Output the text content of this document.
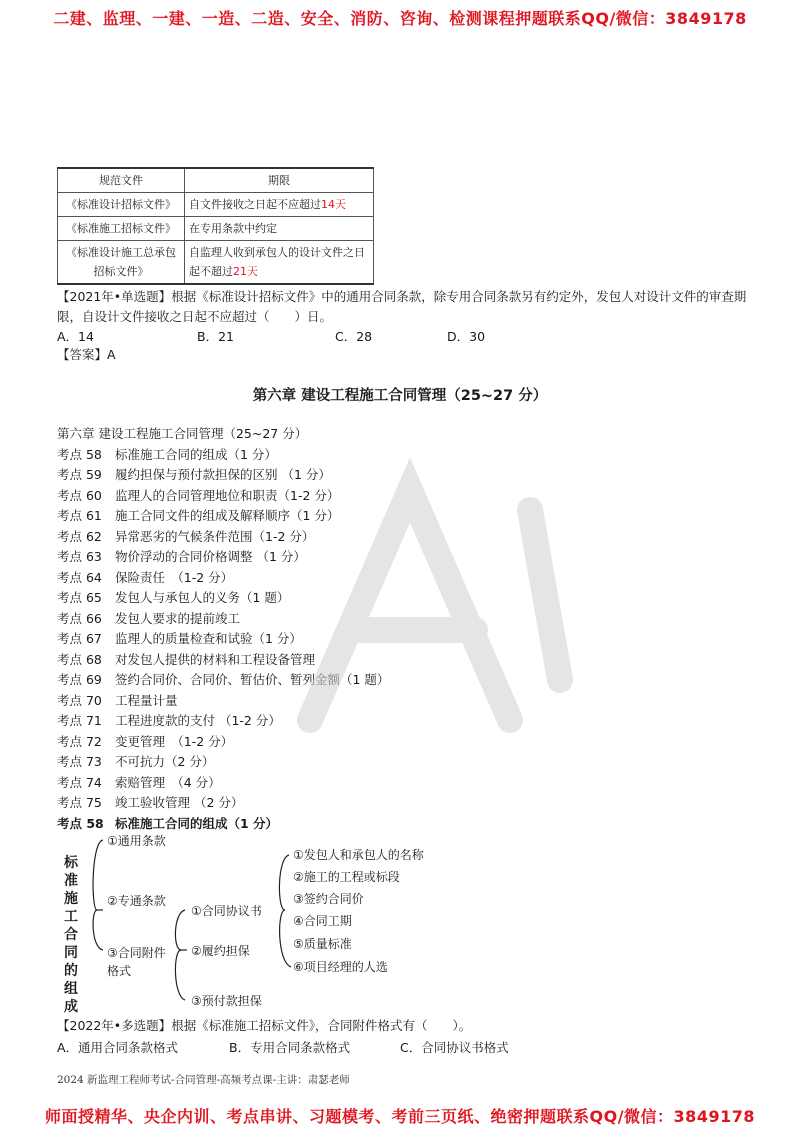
二建、监理、一建、一造、二造、安全、消防、咨询、检测课程押题联系QQ/微信：3849178
规范文件	期限
《标准设计招标文件》	自文件接收之日起不应超过14天
《标准施工招标文件》	在专用条款中约定
《标准设计施工总承包招标文件》	自监理人收到承包人的设计文件之日起不超过21天
【2021年•单选题】根据《标准设计招标文件》中的通用合同条款，除专用合同条款另有约定外，发包人对设计文件的审查期限，自设计文件接收之日起不应超过（　　）日。
A．14	B．21	C．28	D．30
【答案】A
第六章 建设工程施工合同管理（25~27 分）
第六章 建设工程施工合同管理（25~27 分）
考点 58 标准施工合同的组成（1 分）
考点 59 履约担保与预付款担保的区别 （1 分）
考点 60 监理人的合同管理地位和职责（1-2 分）
考点 61 施工合同文件的组成及解释顺序（1 分）
考点 62 异常恶劣的气候条件范围（1-2 分）
考点 63 物价浮动的合同价格调整 （1 分）
考点 64 保险责任　（1-2 分）
考点 65 发包人与承包人的义务（1 题）
考点 66 发包人要求的提前竣工
考点 67 监理人的质量检查和试验（1 分）
考点 68 对发包人提供的材料和工程设备管理
考点 69 签约合同价、合同价、暂估价、暂列金额（1 题）
考点 70 工程量计量
考点 71 工程进度款的支付 （1-2 分）
考点 72 变更管理　（1-2 分）
考点 73 不可抗力（2 分）
考点 74 索赔管理　（4 分）
考点 75 竣工验收管理 （2 分）
考点 58 标准施工合同的组成（1 分）
标准施工合同的组成
①通用条款
②专通条款
③合同附件格式
①合同协议书
②履约担保
③预付款担保
①发包人和承包人的名称
②施工的工程或标段
③签约合同价
④合同工期
⑤质量标准
⑥项目经理的人选
【2022年•多选题】根据《标准施工招标文件》，合同附件格式有（　　）。
A．通用合同条款格式	B．专用合同条款格式	C．合同协议书格式
2024 新监理工程师考试-合同管理-高频考点课-主讲：肃瑟老师
师面授精华、央企内训、考点串讲、习题模考、考前三页纸、绝密押题联系QQ/微信：3849178
